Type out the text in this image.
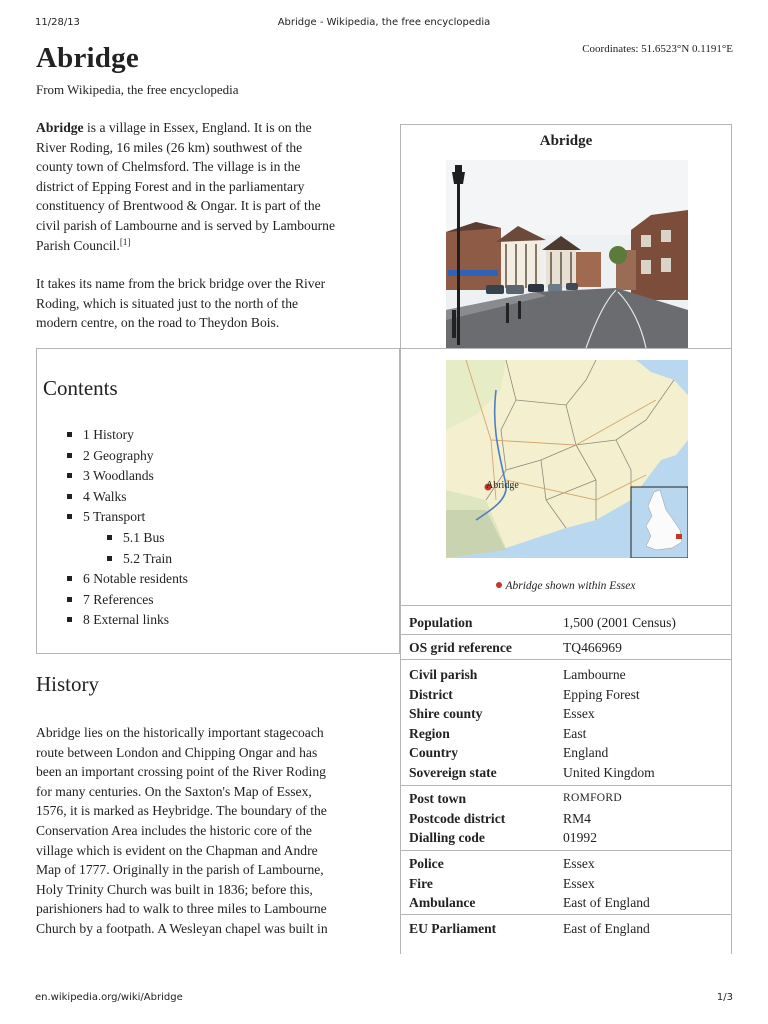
11/28/13	Abridge - Wikipedia, the free encyclopedia
Coordinates: 51.6523°N 0.1191°E
Abridge
From Wikipedia, the free encyclopedia
Abridge is a village in Essex, England. It is on the
River Roding, 16 miles (26 km) southwest of the
county town of Chelmsford. The village is in the
district of Epping Forest and in the parliamentary
constituency of Brentwood & Ongar. It is part of the
civil parish of Lambourne and is served by Lambourne
Parish Council.[1]
It takes its name from the brick bridge over the River
Roding, which is situated just to the north of the
modern centre, on the road to Theydon Bois.
Abridge
Abridge
Abridge shown within Essex
Population	1,500 (2001 Census)
OS grid reference	TQ466969
Civil parish	Lambourne
District	Epping Forest
Shire county	Essex
Region	East
Country	England
Sovereign state	United Kingdom
Post town	ROMFORD
Postcode district	RM4
Dialling code	01992
Police	Essex
Fire	Essex
Ambulance	East of England
EU Parliament	East of England
Contents
1 History
2 Geography
3 Woodlands
4 Walks
5 Transport
5.1 Bus
5.2 Train
6 Notable residents
7 References
8 External links
History
Abridge lies on the historically important stagecoach
route between London and Chipping Ongar and has
been an important crossing point of the River Roding
for many centuries. On the Saxton's Map of Essex,
1576, it is marked as Heybridge. The boundary of the
Conservation Area includes the historic core of the
village which is evident on the Chapman and Andre
Map of 1777. Originally in the parish of Lambourne,
Holy Trinity Church was built in 1836; before this,
parishioners had to walk to three miles to Lambourne
Church by a footpath. A Wesleyan chapel was built in
en.wikipedia.org/wiki/Abridge	1/3
